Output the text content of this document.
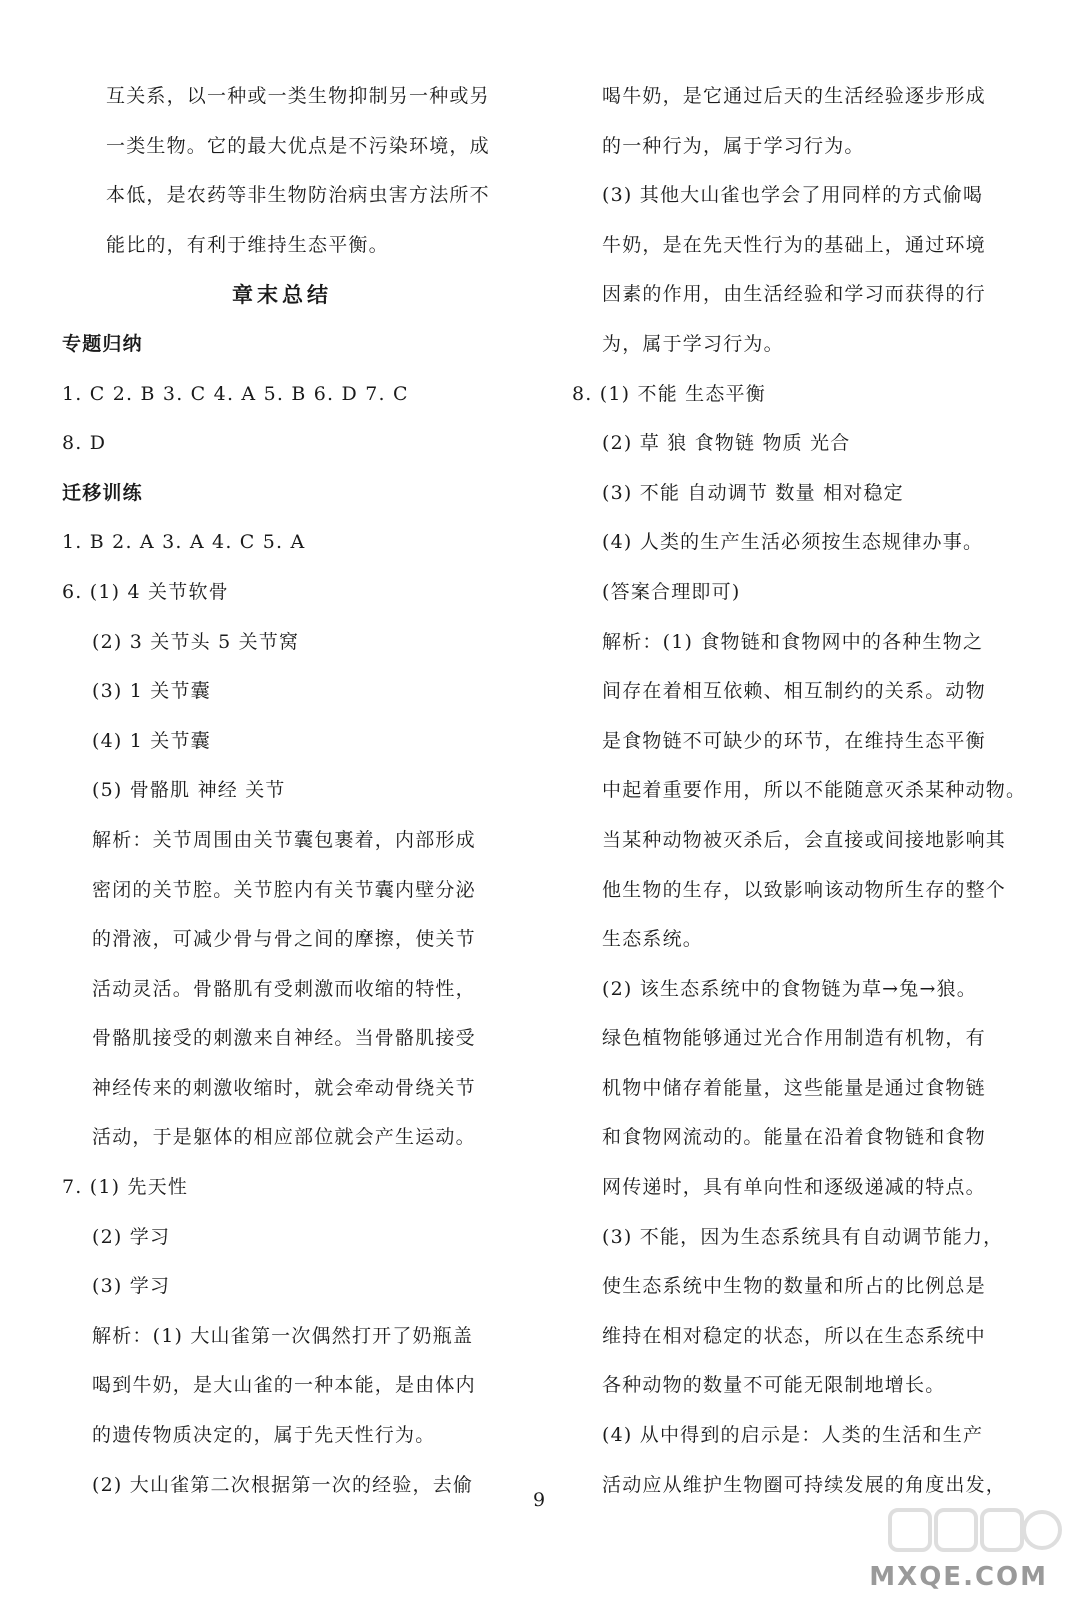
互关系，以一种或一类生物抑制另一种或另
一类生物。它的最大优点是不污染环境，成
本低，是农药等非生物防治病虫害方法所不
能比的，有利于维持生态平衡。
章末总结
专题归纳
1. C 2. B 3. C 4. A 5. B 6. D 7. C
8. D
迁移训练
1. B 2. A 3. A 4. C 5. A
6. (1) 4 关节软骨
(2) 3 关节头 5 关节窝
(3) 1 关节囊
(4) 1 关节囊
(5) 骨骼肌 神经 关节
解析：关节周围由关节囊包裹着，内部形成
密闭的关节腔。关节腔内有关节囊内壁分泌
的滑液，可减少骨与骨之间的摩擦，使关节
活动灵活。骨骼肌有受刺激而收缩的特性，
骨骼肌接受的刺激来自神经。当骨骼肌接受
神经传来的刺激收缩时，就会牵动骨绕关节
活动，于是躯体的相应部位就会产生运动。
7. (1) 先天性
(2) 学习
(3) 学习
解析：(1) 大山雀第一次偶然打开了奶瓶盖
喝到牛奶，是大山雀的一种本能，是由体内
的遗传物质决定的，属于先天性行为。
(2) 大山雀第二次根据第一次的经验，去偷
喝牛奶，是它通过后天的生活经验逐步形成
的一种行为，属于学习行为。
(3) 其他大山雀也学会了用同样的方式偷喝
牛奶，是在先天性行为的基础上，通过环境
因素的作用，由生活经验和学习而获得的行
为，属于学习行为。
8. (1) 不能 生态平衡
(2) 草 狼 食物链 物质 光合
(3) 不能 自动调节 数量 相对稳定
(4) 人类的生产生活必须按生态规律办事。
(答案合理即可)
解析：(1) 食物链和食物网中的各种生物之
间存在着相互依赖、相互制约的关系。动物
是食物链不可缺少的环节，在维持生态平衡
中起着重要作用，所以不能随意灭杀某种动物。
当某种动物被灭杀后，会直接或间接地影响其
他生物的生存，以致影响该动物所生存的整个
生态系统。
(2) 该生态系统中的食物链为草→兔→狼。
绿色植物能够通过光合作用制造有机物，有
机物中储存着能量，这些能量是通过食物链
和食物网流动的。能量在沿着食物链和食物
网传递时，具有单向性和逐级递减的特点。
(3) 不能，因为生态系统具有自动调节能力，
使生态系统中生物的数量和所占的比例总是
维持在相对稳定的状态，所以在生态系统中
各种动物的数量不可能无限制地增长。
(4) 从中得到的启示是：人类的生活和生产
活动应从维护生物圈可持续发展的角度出发，
9
MXQE.COM
